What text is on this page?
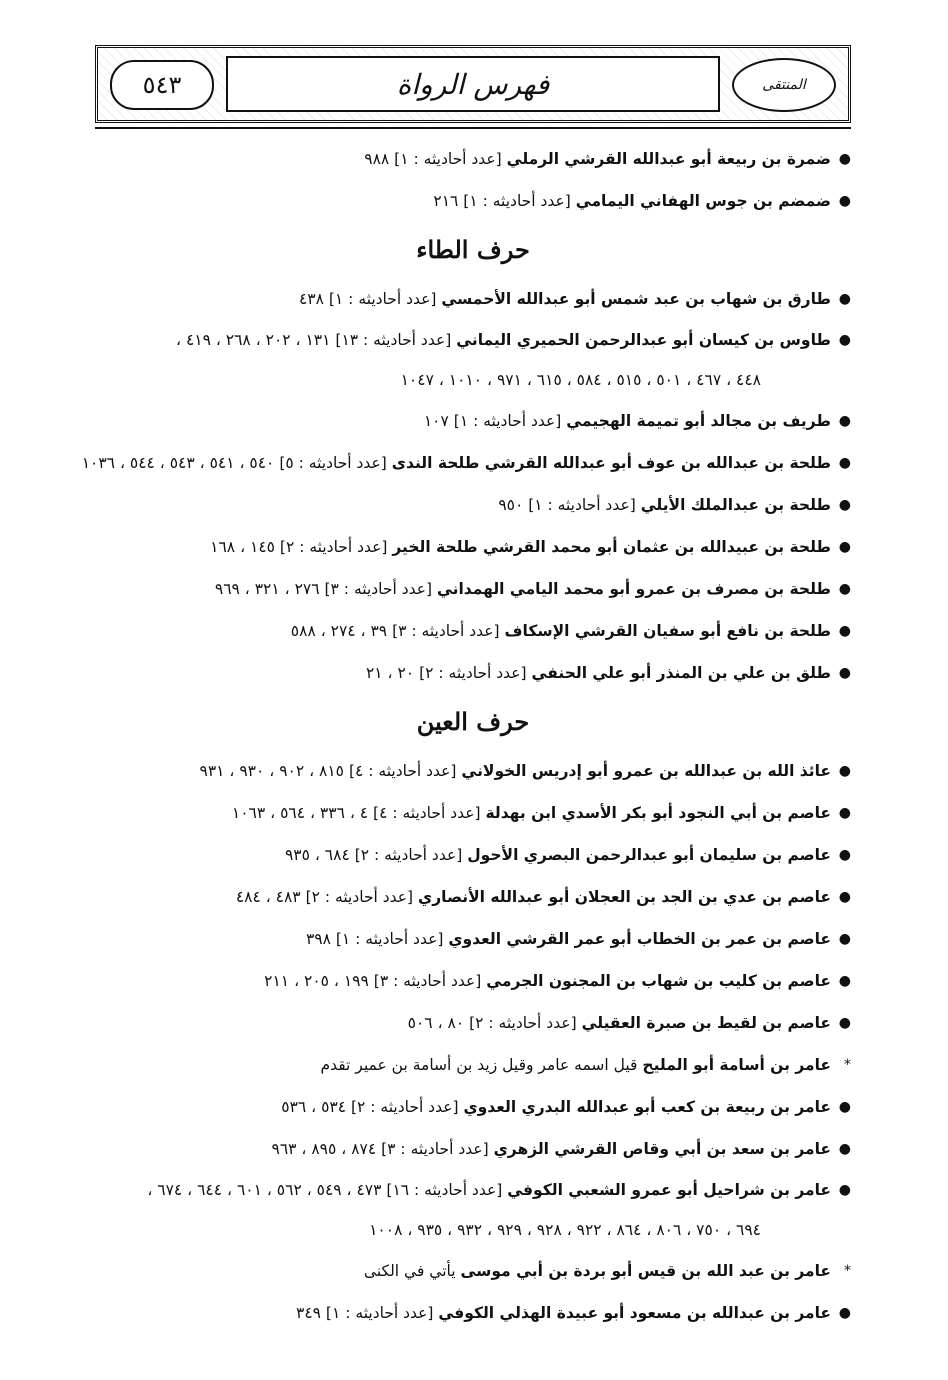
٥٤٣	فهرس الرواة	المنتقى
●
ضمرة بن ربيعة أبو عبدالله القرشي الرملي [عدد أحاديثه : ١] ٩٨٨
●
ضمضم بن جوس الهفاني اليمامي [عدد أحاديثه : ١] ٢١٦
حرف الطاء
●
طارق بن شهاب بن عبد شمس أبو عبدالله الأحمسي [عدد أحاديثه : ١] ٤٣٨
●
طاوس بن كيسان أبو عبدالرحمن الحميري اليماني [عدد أحاديثه : ١٣] ١٣١ ، ٢٠٢ ، ٢٦٨ ، ٤١٩ ،
٤٤٨ ، ٤٦٧ ، ٥٠١ ، ٥١٥ ، ٥٨٤ ، ٦١٥ ، ٩٧١ ، ١٠١٠ ، ١٠٤٧
●
طريف بن مجالد أبو تميمة الهجيمي [عدد أحاديثه : ١] ١٠٧
●
طلحة بن عبدالله بن عوف أبو عبدالله القرشي طلحة الندى [عدد أحاديثه : ٥] ٥٤٠ ، ٥٤١ ، ٥٤٣ ، ٥٤٤ ، ١٠٣٦
●
طلحة بن عبدالملك الأيلي [عدد أحاديثه : ١] ٩٥٠
●
طلحة بن عبيدالله بن عثمان أبو محمد القرشي طلحة الخير [عدد أحاديثه : ٢] ١٤٥ ، ١٦٨
●
طلحة بن مصرف بن عمرو أبو محمد اليامي الهمداني [عدد أحاديثه : ٣] ٢٧٦ ، ٣٢١ ، ٩٦٩
●
طلحة بن نافع أبو سفيان القرشي الإسكاف [عدد أحاديثه : ٣] ٣٩ ، ٢٧٤ ، ٥٨٨
●
طلق بن علي بن المنذر أبو علي الحنفي [عدد أحاديثه : ٢] ٢٠ ، ٢١
حرف العين
●
عائذ الله بن عبدالله بن عمرو أبو إدريس الخولاني [عدد أحاديثه : ٤] ٨١٥ ، ٩٠٢ ، ٩٣٠ ، ٩٣١
●
عاصم بن أبي النجود أبو بكر الأسدي ابن بهدلة [عدد أحاديثه : ٤] ٤ ، ٣٣٦ ، ٥٦٤ ، ١٠٦٣
●
عاصم بن سليمان أبو عبدالرحمن البصري الأحول [عدد أحاديثه : ٢] ٦٨٤ ، ٩٣٥
●
عاصم بن عدي بن الجد بن العجلان أبو عبدالله الأنصاري [عدد أحاديثه : ٢] ٤٨٣ ، ٤٨٤
●
عاصم بن عمر بن الخطاب أبو عمر القرشي العدوي [عدد أحاديثه : ١] ٣٩٨
●
عاصم بن كليب بن شهاب بن المجنون الجرمي [عدد أحاديثه : ٣] ١٩٩ ، ٢٠٥ ، ٢١١
●
عاصم بن لقيط بن صبرة العقيلي [عدد أحاديثه : ٢] ٨٠ ، ٥٠٦
*
عامر بن أسامة أبو المليح قيل اسمه عامر وقيل زيد بن أسامة بن عمير تقدم
●
عامر بن ربيعة بن كعب أبو عبدالله البدري العدوي [عدد أحاديثه : ٢] ٥٣٤ ، ٥٣٦
●
عامر بن سعد بن أبي وقاص القرشي الزهري [عدد أحاديثه : ٣] ٨٧٤ ، ٨٩٥ ، ٩٦٣
●
عامر بن شراحيل أبو عمرو الشعبي الكوفي [عدد أحاديثه : ١٦] ٤٧٣ ، ٥٤٩ ، ٥٦٢ ، ٦٠١ ، ٦٤٤ ، ٦٧٤ ،
٦٩٤ ، ٧٥٠ ، ٨٠٦ ، ٨٦٤ ، ٩٢٢ ، ٩٢٨ ، ٩٢٩ ، ٩٣٢ ، ٩٣٥ ، ١٠٠٨
*
عامر بن عبد الله بن قيس أبو بردة بن أبي موسى يأتي في الكنى
●
عامر بن عبدالله بن مسعود أبو عبيدة الهذلي الكوفي [عدد أحاديثه : ١] ٣٤٩
